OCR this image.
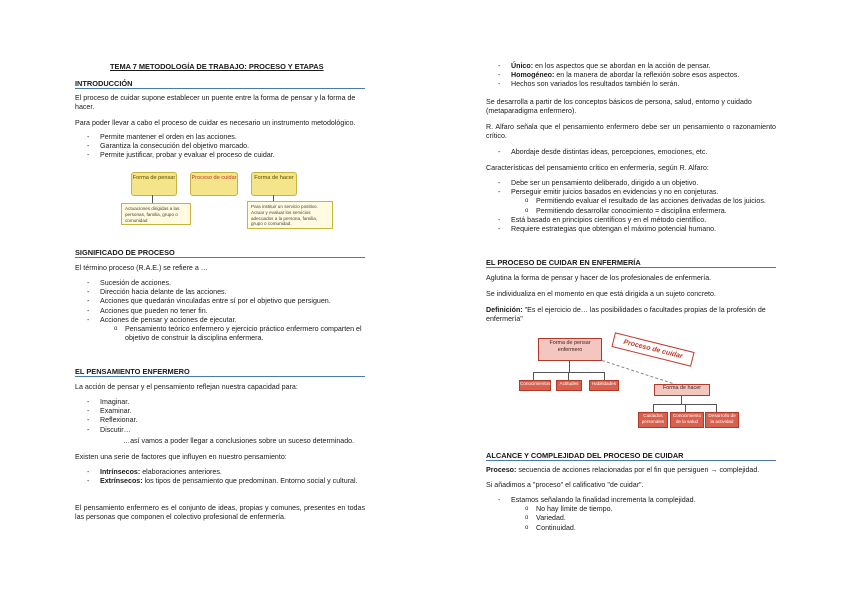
TEMA 7 METODOLOGÍA DE TRABAJO: PROCESO Y ETAPAS
INTRODUCCIÓN

El proceso de cuidar supone establecer un puente entre la forma de pensar y la forma de hacer.

Para poder llevar a cabo el proceso de cuidar es necesario un instrumento metodológico.

- Permite mantener el orden en las acciones.
- Garantiza la consecución del objetivo marcado.
- Permite justificar, probar y evaluar el proceso de cuidar.
Forma de pensar	Proceso de cuidar	Forma de hacer
Actuaciones dirigidas a las personas, familia, grupo o comunidad
Para instituir un servicio positivo. Actuar y evaluar los servicios adecuados a la persona, familia, grupo o comunidad.
SIGNIFICADO DE PROCESO

El término proceso (R.A.E.) se refiere a …

- Sucesión de acciones.
- Dirección hacia delante de las acciones.
- Acciones que quedarán vinculadas entre sí por el objetivo que persiguen.
- Acciones que pueden no tener fin.
- Acciones de pensar y acciones de ejecutar.
o Pensamiento teórico enfermero y ejercicio práctico enfermero comparten el objetivo de construir la disciplina enfermera.
EL PENSAMIENTO ENFERMERO

La acción de pensar y el pensamiento reflejan nuestra capacidad para:

- Imaginar.
- Examinar.
- Reflexionar.
- Discutir…

…así vamos a poder llegar a conclusiones sobre un suceso determinado.

Existen una serie de factores que influyen en nuestro pensamiento:

- Intrínsecos: elaboraciones anteriores.
- Extrínsecos: los tipos de pensamiento que predominan. Entorno social y cultural.

El pensamiento enfermero es el conjunto de ideas, propias y comunes, presentes en todas las personas que componen el colectivo profesional de enfermería.

- Único: en los aspectos que se abordan en la acción de pensar.
- Homogéneo: en la manera de abordar la reflexión sobre esos aspectos.
- Hechos son variados los resultados también lo serán.

Se desarrolla a partir de los conceptos básicos de persona, salud, entorno y cuidado (metaparadigma enfermero).

R. Alfaro señala que el pensamiento enfermero debe ser un pensamiento o razonamiento crítico.

- Abordaje desde distintas ideas, percepciones, emociones, etc.

Características del pensamiento crítico en enfermería, según R. Alfaro:

- Debe ser un pensamiento deliberado, dirigido a un objetivo.
- Perseguir emitir juicios basados en evidencias y no en conjeturas.
o Permitiendo evaluar el resultado de las acciones derivadas de los juicios.
o Permitiendo desarrollar conocimiento = disciplina enfermera.
- Está basado en principios científicos y en el método científico.
- Requiere estrategias que obtengan el máximo potencial humano.
EL PROCESO DE CUIDAR EN ENFERMERÍA

Aglutina la forma de pensar y hacer de los profesionales de enfermería.

Se individualiza en el momento en que está dirigida a un sujeto concreto.

Definición: "Es el ejercicio de… las posibilidades o facultades propias de la profesión de enfermería"

Forma de pensar enfermero	Proceso de cuidar
Conocimientos	Actitudes	Habilidades
Forma de hacer
Cuidados personales
Conocimiento de la salud
Desarrollo de la actividad
ALCANCE Y COMPLEJIDAD DEL PROCESO DE CUIDAR

Proceso: secuencia de acciones relacionadas por el fin que persiguen → complejidad.

Si añadimos a "proceso" el calificativo "de cuidar".

- Estamos señalando la finalidad incrementa la complejidad.
o No hay límite de tiempo.
o Variedad.
o Continuidad.
